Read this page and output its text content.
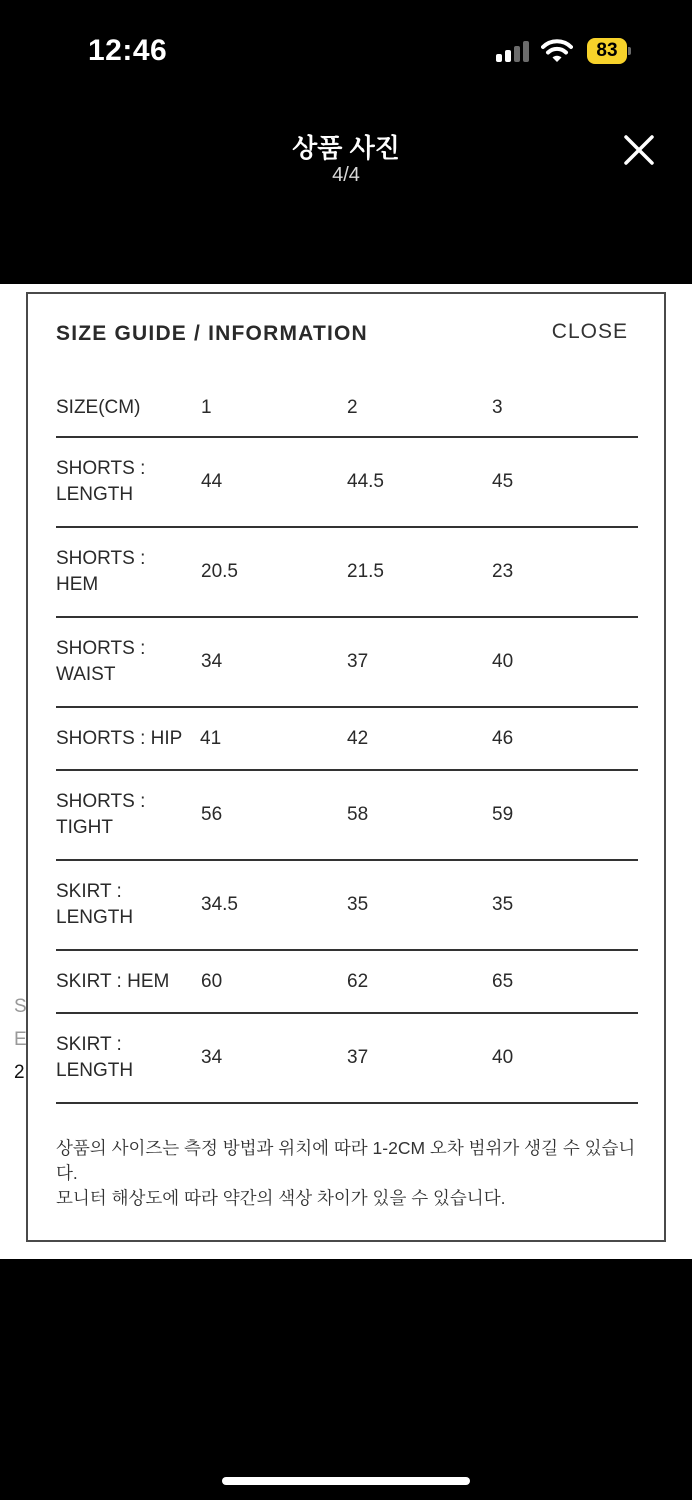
12:46	83
상품 사진
4/4
S
E
2
SIZE GUIDE / INFORMATION	CLOSE
SIZE(CM)	1	2	3
SHORTS :
LENGTH
44	44.5	45
SHORTS :
HEM
20.5	21.5	23
SHORTS :
WAIST
34	37	40
SHORTS : HIP 41	42	46
SHORTS :
TIGHT
56	58	59
SKIRT :
LENGTH
34.5	35	35
SKIRT : HEM	60	62	65
SKIRT :
LENGTH
34	37	40
상품의 사이즈는 측정 방법과 위치에 따라 1-2CM 오차 범위가 생길 수 있습니다.
모니터 해상도에 따라 약간의 색상 차이가 있을 수 있습니다.
